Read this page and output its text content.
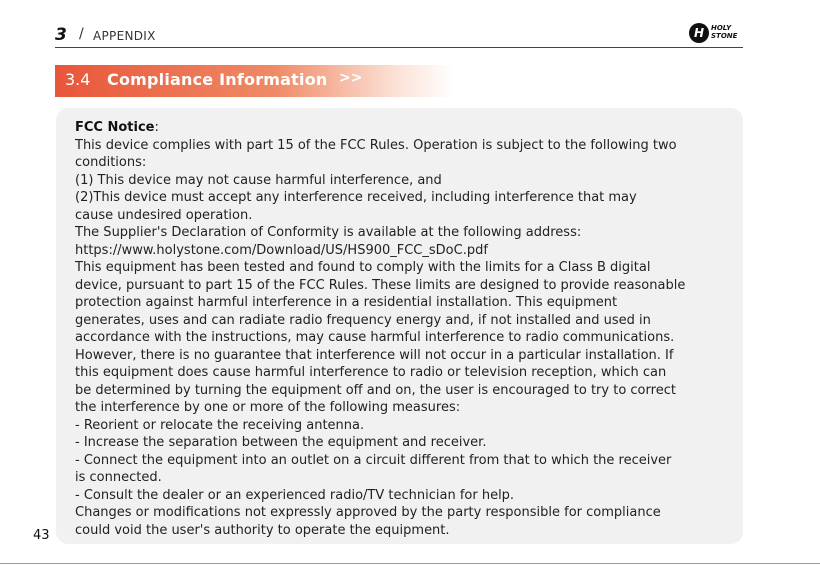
3 / APPENDIX	H HOLY
STONE
3.4 Compliance Information >>

FCC Notice:

This device complies with part 15 of the FCC Rules. Operation is subject to the following two

conditions:

(1) This device may not cause harmful interference, and

(2)This device must accept any interference received, including interference that may

cause undesired operation.

The Supplier's Declaration of Conformity is available at the following address:

https://www.holystone.com/Download/US/HS900_FCC_sDoC.pdf

This equipment has been tested and found to comply with the limits for a Class B digital

device, pursuant to part 15 of the FCC Rules. These limits are designed to provide reasonable

protection against harmful interference in a residential installation. This equipment

generates, uses and can radiate radio frequency energy and, if not installed and used in

accordance with the instructions, may cause harmful interference to radio communications.

However, there is no guarantee that interference will not occur in a particular installation. If

this equipment does cause harmful interference to radio or television reception, which can

be determined by turning the equipment off and on, the user is encouraged to try to correct

the interference by one or more of the following measures:

- Reorient or relocate the receiving antenna.

- Increase the separation between the equipment and receiver.

- Connect the equipment into an outlet on a circuit different from that to which the receiver

is connected.

- Consult the dealer or an experienced radio/TV technician for help.

Changes or modifications not expressly approved by the party responsible for compliance

could void the user's authority to operate the equipment.

43
